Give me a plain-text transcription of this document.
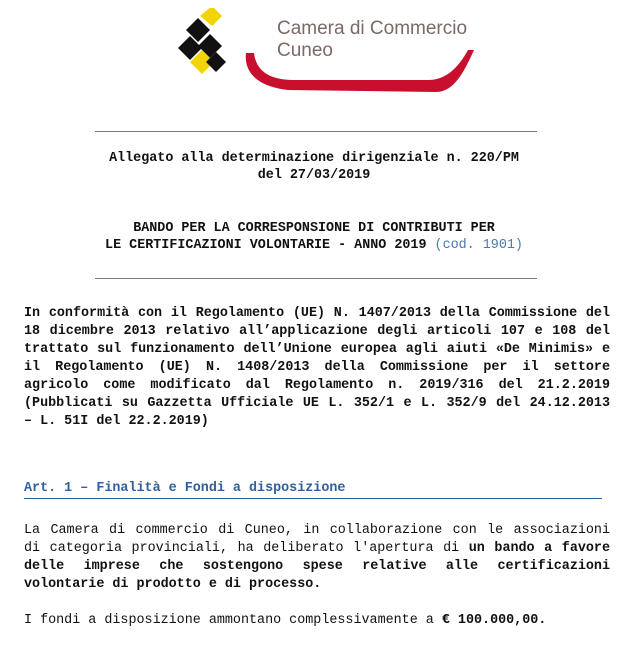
Camera di Commercio
Cuneo
Allegato alla determinazione dirigenziale n. 220/PM
del 27/03/2019
BANDO PER LA CORRESPONSIONE DI CONTRIBUTI PER
LE CERTIFICAZIONI VOLONTARIE - ANNO 2019 (cod. 1901)
In conformità con il Regolamento (UE) N. 1407/2013 della Commissione del 18 dicembre 2013 relativo all’applicazione degli articoli 107 e 108 del trattato sul funzionamento dell’Unione europea agli aiuti «De Minimis» e il Regolamento (UE) N. 1408/2013 della Commissione per il settore agricolo come modificato dal Regolamento n. 2019/316 del 21.2.2019 (Pubblicati su Gazzetta Ufficiale UE L. 352/1 e L. 352/9 del 24.12.2013 – L. 51I del 22.2.2019)
Art. 1 – Finalità e Fondi a disposizione
La Camera di commercio di Cuneo, in collaborazione con le associazioni di categoria provinciali, ha deliberato l'apertura di un bando a favore delle imprese che sostengono spese relative alle certificazioni volontarie di prodotto e di processo.
I fondi a disposizione ammontano complessivamente a € 100.000,00.
